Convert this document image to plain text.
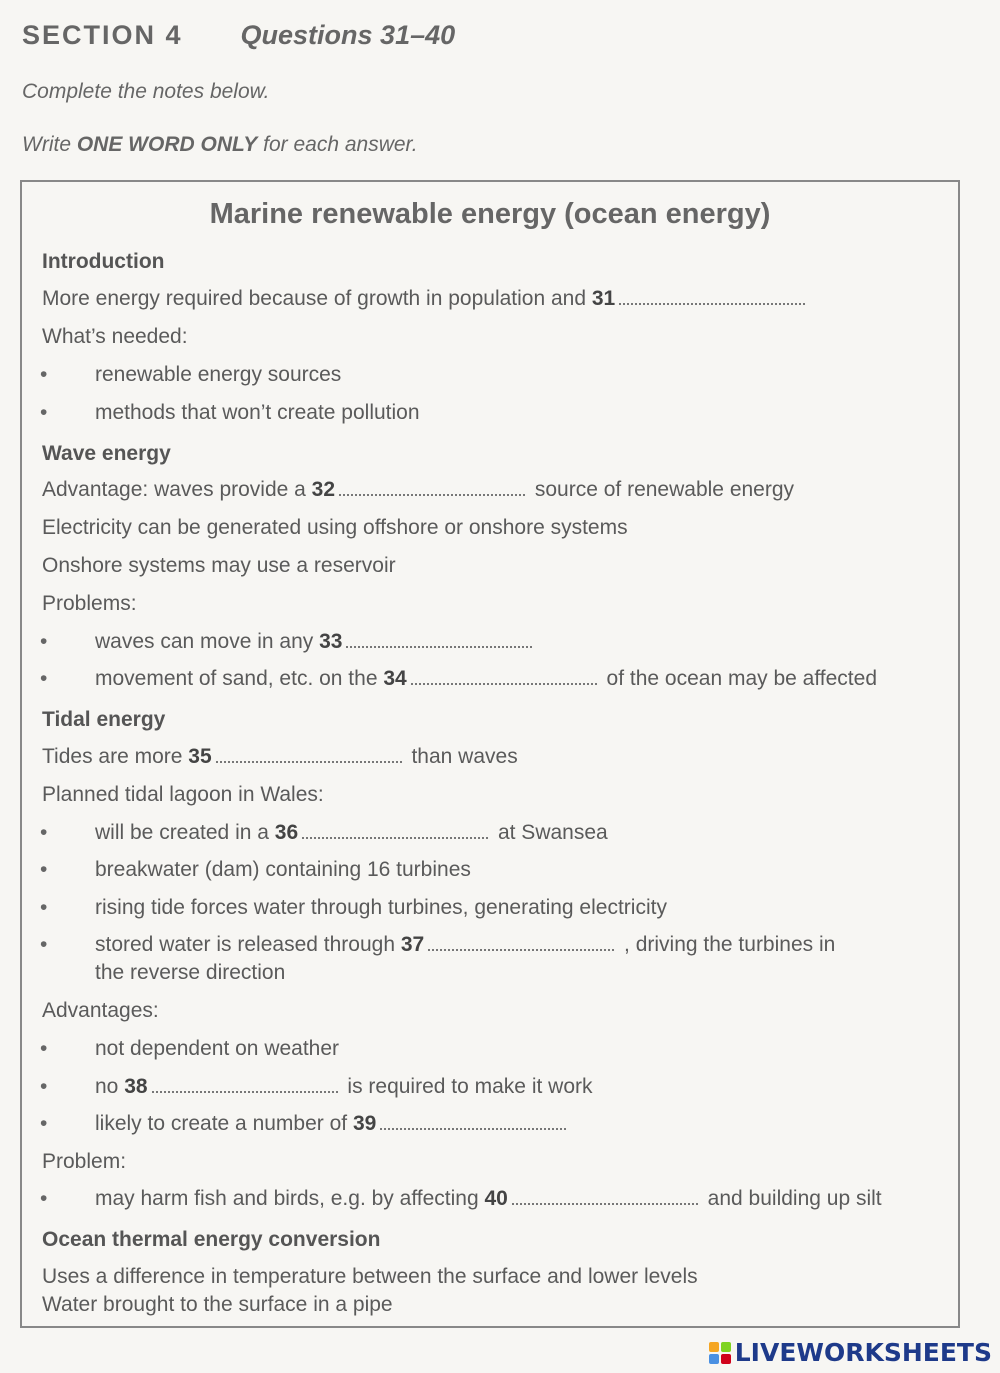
SECTION 4 Questions 31–40
Complete the notes below.
Write ONE WORD ONLY for each answer.
Marine renewable energy (ocean energy)
Introduction
More energy required because of growth in population and 31
What’s needed:
• renewable energy sources
• methods that won’t create pollution
Wave energy
Advantage: waves provide a 32	source of renewable energy
Electricity can be generated using offshore or onshore systems
Onshore systems may use a reservoir
Problems:
• waves can move in any 33
• movement of sand, etc. on the 34	of the ocean may be affected
Tidal energy
Tides are more 35	than waves
Planned tidal lagoon in Wales:
• will be created in a 36	at Swansea
• breakwater (dam) containing 16 turbines
• rising tide forces water through turbines, generating electricity
• stored water is released through 37	, driving the turbines in
the reverse direction
Advantages:
• not dependent on weather
• no 38	is required to make it work
• likely to create a number of 39
Problem:
• may harm fish and birds, e.g. by affecting 40	and building up silt
Ocean thermal energy conversion
Uses a difference in temperature between the surface and lower levels
Water brought to the surface in a pipe
LIVEWORKSHEETS
